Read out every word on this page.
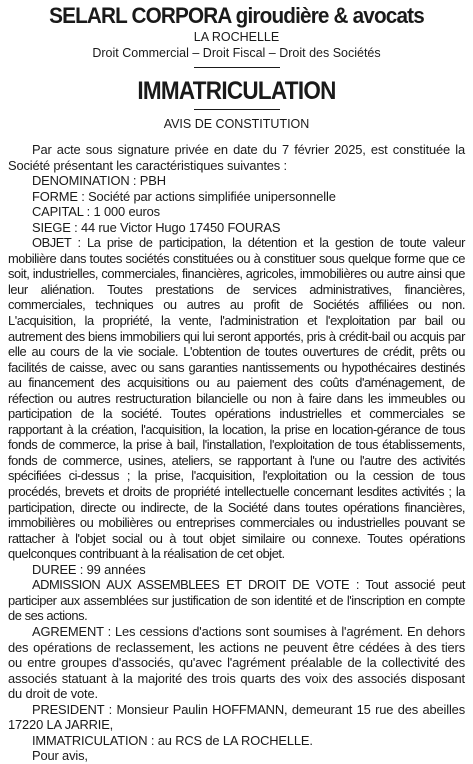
SELARL CORPORA giroudière & avocats
LA ROCHELLE
Droit Commercial – Droit Fiscal – Droit des Sociétés
IMMATRICULATION
AVIS DE CONSTITUTION

Par acte sous signature privée en date du 7 février 2025, est constituée la Société présentant les caractéristiques suivantes :

DENOMINATION : PBH

FORME : Société par actions simplifiée unipersonnelle

CAPITAL : 1 000 euros

SIEGE : 44 rue Victor Hugo 17450 FOURAS

OBJET : La prise de participation, la détention et la gestion de toute valeur mobilière dans toutes sociétés constituées ou à constituer sous quelque forme que ce soit, industrielles, commerciales, financières, agricoles, immobilières ou autre ainsi que leur aliénation. Toutes prestations de services administratives, financières, commerciales, techniques ou autres au profit de Sociétés affiliées ou non. L'acquisition, la propriété, la vente, l'administration et l'exploitation par bail ou autrement des biens immobiliers qui lui seront apportés, pris à crédit-bail ou acquis par elle au cours de la vie sociale. L'obtention de toutes ouvertures de crédit, prêts ou facilités de caisse, avec ou sans garanties nantissements ou hypothécaires destinés au financement des acquisitions ou au paiement des coûts d'aménagement, de réfection ou autres restructuration bilancielle ou non à faire dans les immeubles ou participation de la société. Toutes opérations industrielles et commerciales se rapportant à la création, l'acquisition, la location, la prise en location-gérance de tous fonds de commerce, la prise à bail, l'installation, l'exploitation de tous établissements, fonds de commerce, usines, ateliers, se rapportant à l'une ou l'autre des activités spécifiées ci-dessus ; la prise, l'acquisition, l'exploitation ou la cession de tous procédés, brevets et droits de propriété intellectuelle concernant lesdites activités ; la participation, directe ou indirecte, de la Société dans toutes opérations financières, immobilières ou mobilières ou entreprises commerciales ou industrielles pouvant se rattacher à l'objet social ou à tout objet similaire ou connexe. Toutes opérations quelconques contribuant à la réalisation de cet objet.

DUREE : 99 années

ADMISSION AUX ASSEMBLEES ET DROIT DE VOTE : Tout associé peut participer aux assemblées sur justification de son identité et de l'inscription en compte de ses actions.

AGREMENT : Les cessions d'actions sont soumises à l'agrément. En dehors des opérations de reclassement, les actions ne peuvent être cédées à des tiers ou entre groupes d'associés, qu'avec l'agrément préalable de la collectivité des associés statuant à la majorité des trois quarts des voix des associés disposant du droit de vote.

PRESIDENT : Monsieur Paulin HOFFMANN, demeurant 15 rue des abeilles 17220 LA JARRIE,

IMMATRICULATION : au RCS de LA ROCHELLE.

Pour avis,
